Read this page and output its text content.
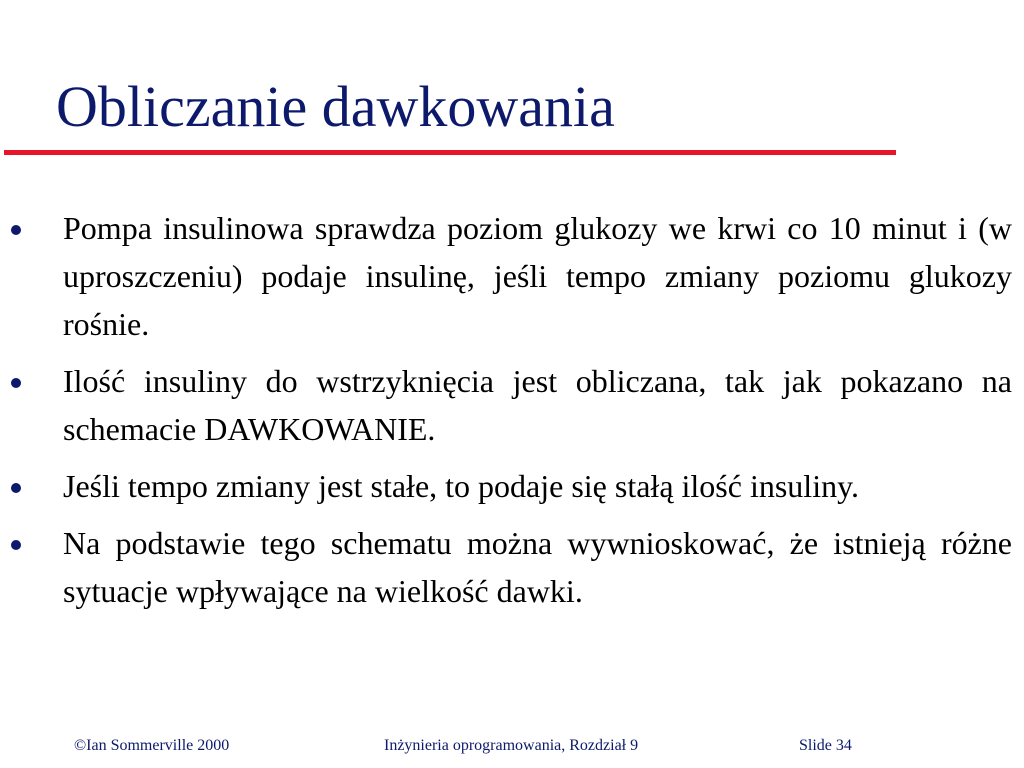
Obliczanie dawkowania
Pompa insulinowa sprawdza poziom glukozy we krwi co 10 minut i (w uproszczeniu) podaje insulinę, jeśli tempo zmiany poziomu glukozy rośnie.
Ilość insuliny do wstrzyknięcia jest obliczana, tak jak pokazano na schemacie DAWKOWANIE.
Jeśli tempo zmiany jest stałe, to podaje się stałą ilość insuliny.
Na podstawie tego schematu można wywnioskować, że istnieją różne sytuacje wpływające na wielkość dawki.
©Ian Sommerville 2000	Inżynieria oprogramowania, Rozdział 9	Slide 34
